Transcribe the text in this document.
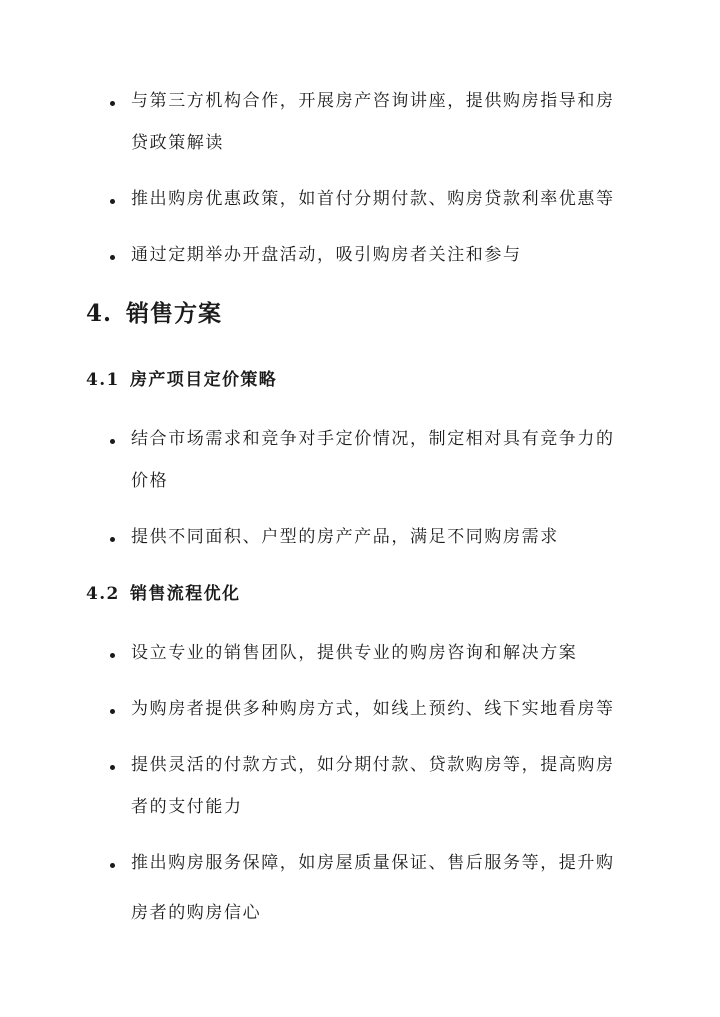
与第三方机构合作，开展房产咨询讲座，提供购房指导和房
贷政策解读
推出购房优惠政策，如首付分期付款、购房贷款利率优惠等
通过定期举办开盘活动，吸引购房者关注和参与
4. 销售方案
4.1 房产项目定价策略
结合市场需求和竞争对手定价情况，制定相对具有竞争力的
价格
提供不同面积、户型的房产产品，满足不同购房需求
4.2 销售流程优化
设立专业的销售团队，提供专业的购房咨询和解决方案
为购房者提供多种购房方式，如线上预约、线下实地看房等
提供灵活的付款方式，如分期付款、贷款购房等，提高购房
者的支付能力
推出购房服务保障，如房屋质量保证、售后服务等，提升购
房者的购房信心
